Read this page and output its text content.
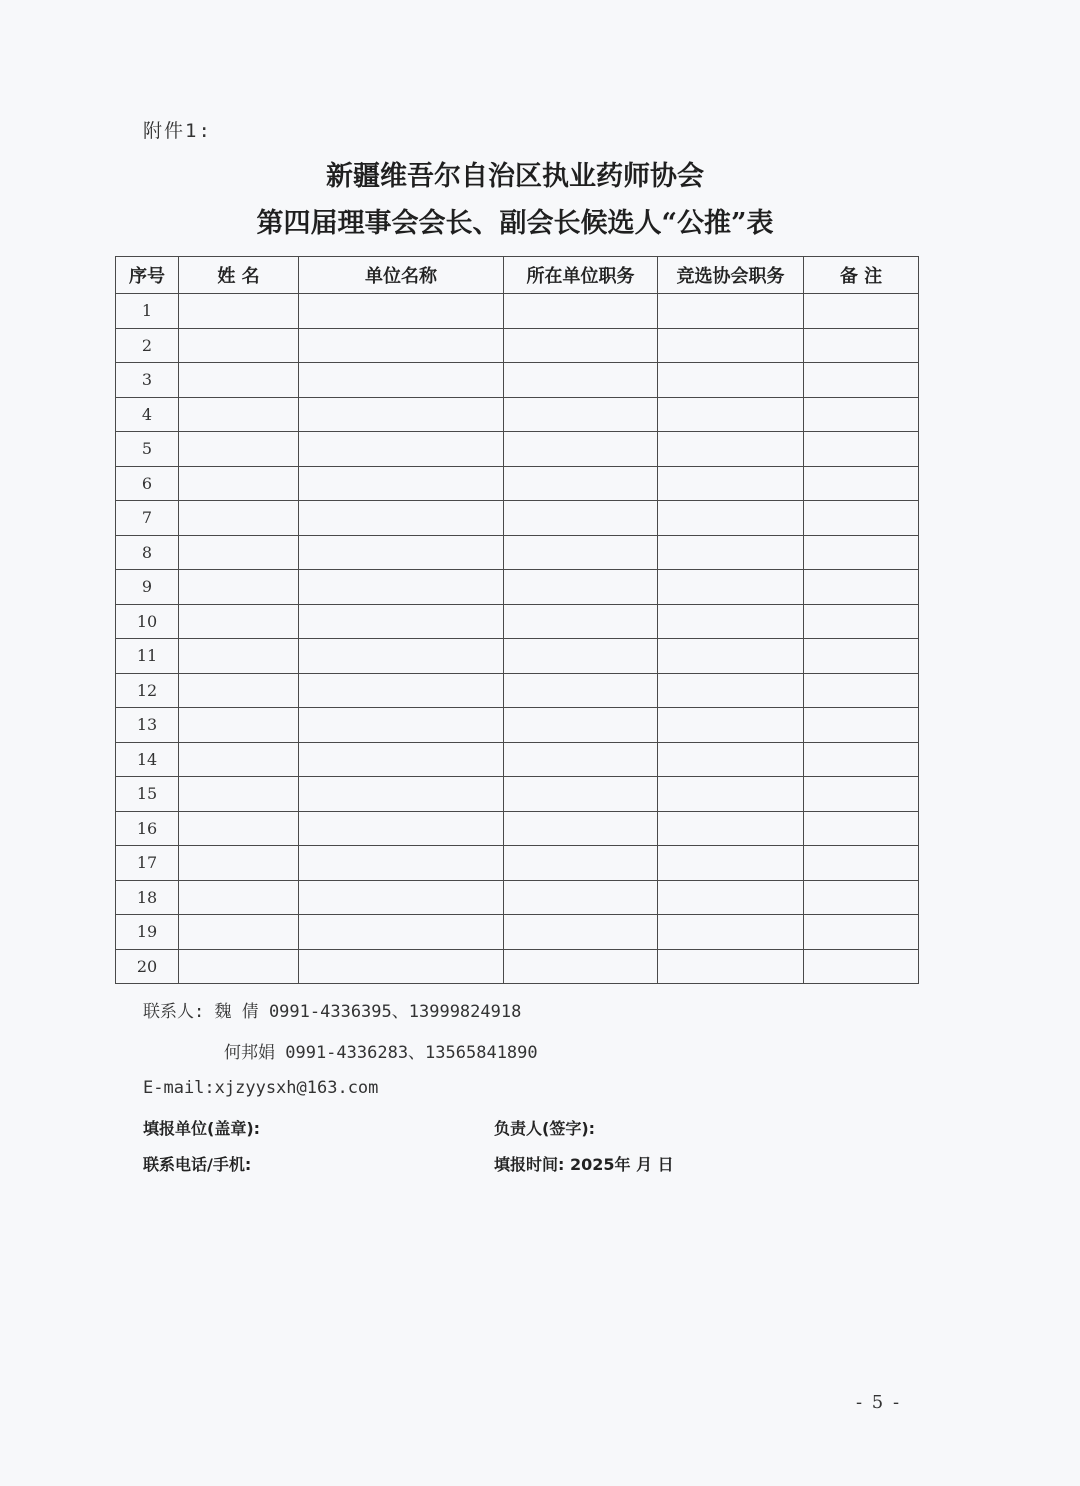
附件1:
新疆维吾尔自治区执业药师协会
第四届理事会会长、副会长候选人“公推”表
序号	姓 名	单位名称	所在单位职务	竞选协会职务	备 注
1					
2					
3					
4					
5					
6					
7					
8					
9					
10					
11					
12					
13					
14					
15					
16					
17					
18					
19					
20					
联系人: 魏 倩 0991-4336395、13999824918
何邦娟 0991-4336283、13565841890
E-mail:xjzyysxh@163.com
填报单位(盖章):	负责人(签字):
联系电话/手机:	填报时间: 2025年 月 日
- 5 -
